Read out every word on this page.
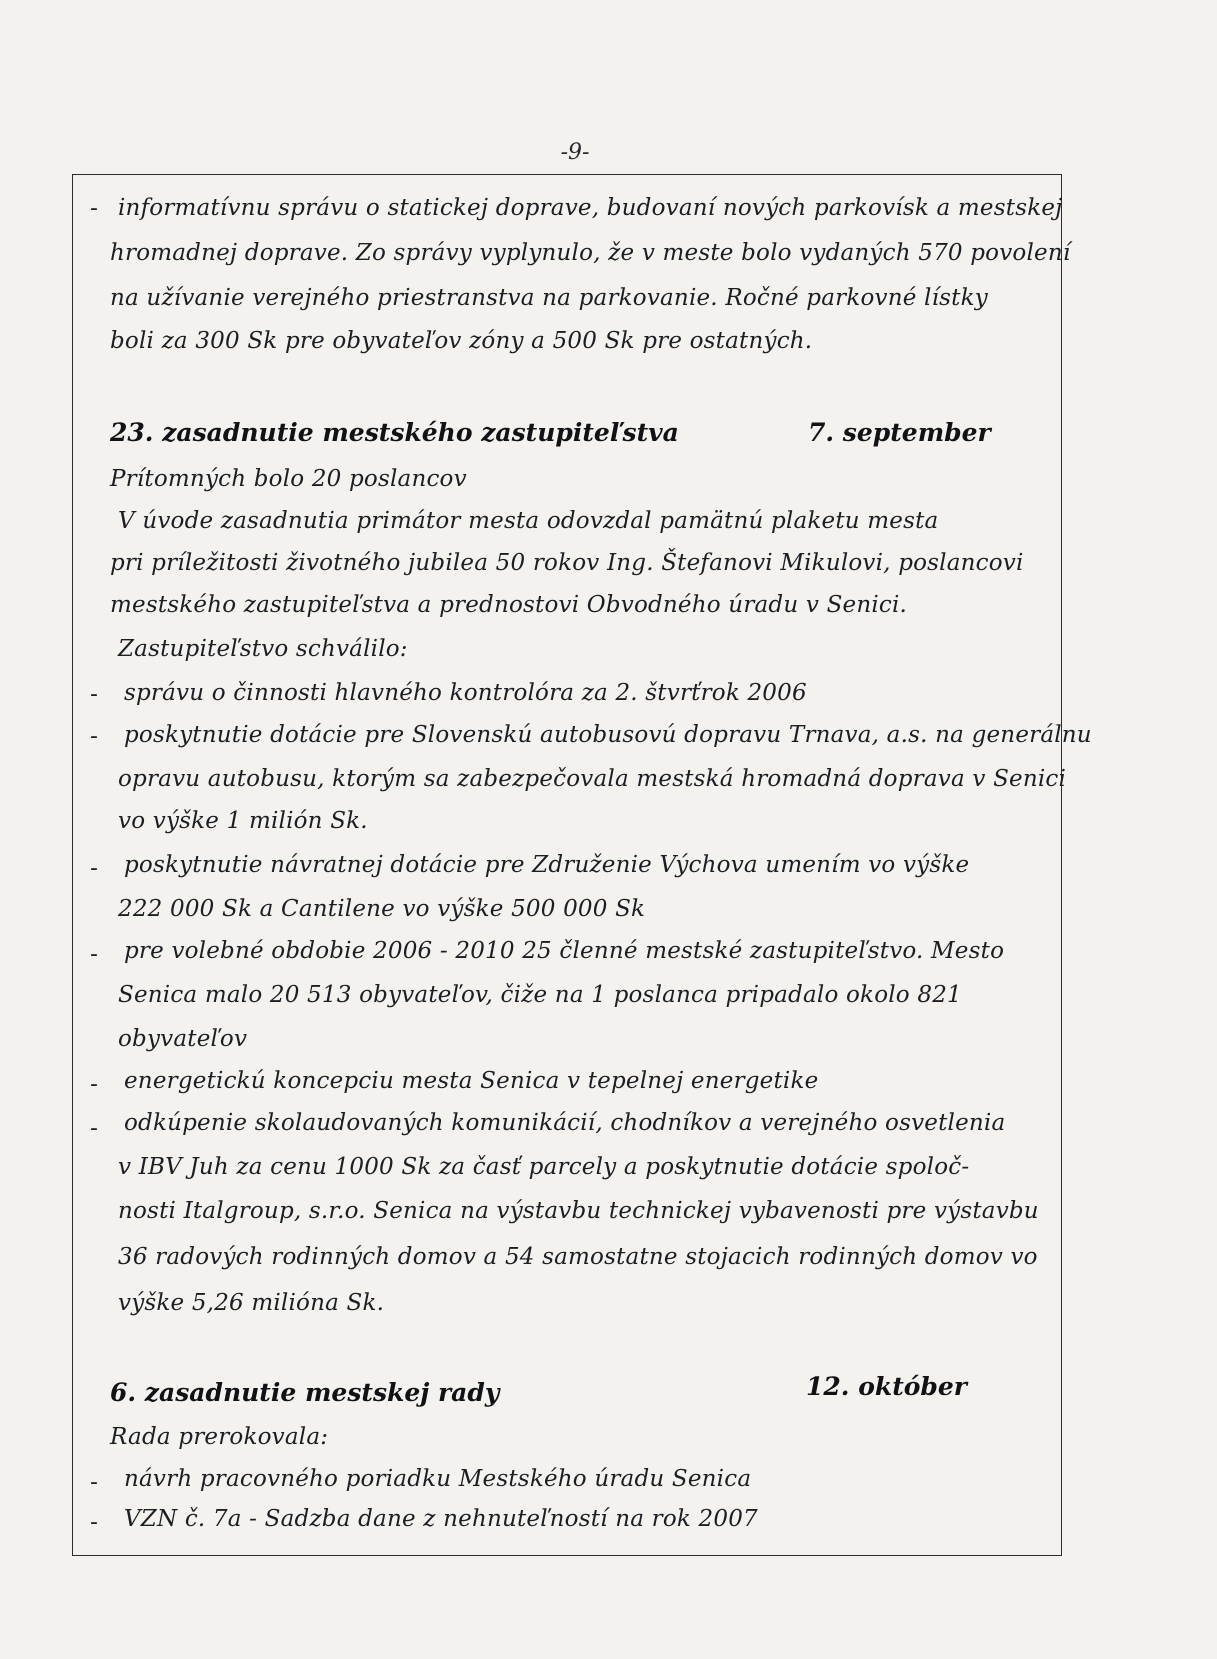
-9-
- informatívnu správu o statickej doprave, budovaní nových parkovísk a mestskej
hromadnej doprave. Zo správy vyplynulo, že v meste bolo vydaných 570 povolení
na užívanie verejného priestranstva na parkovanie. Ročné parkovné lístky
boli za 300 Sk pre obyvateľov zóny a 500 Sk pre ostatných.
23. zasadnutie mestského zastupiteľstva	7. september
Prítomných bolo 20 poslancov
V úvode zasadnutia primátor mesta odovzdal pamätnú plaketu mesta
pri príležitosti životného jubilea 50 rokov Ing. Štefanovi Mikulovi, poslancovi
mestského zastupiteľstva a prednostovi Obvodného úradu v Senici.
Zastupiteľstvo schválilo:
- správu o činnosti hlavného kontrolóra za 2. štvrťrok 2006
- poskytnutie dotácie pre Slovenskú autobusovú dopravu Trnava, a.s. na generálnu
opravu autobusu, ktorým sa zabezpečovala mestská hromadná doprava v Senici
vo výške 1 milión Sk.
- poskytnutie návratnej dotácie pre Združenie Výchova umením vo výške
222 000 Sk a Cantilene vo výške 500 000 Sk
- pre volebné obdobie 2006 - 2010 25 členné mestské zastupiteľstvo. Mesto
Senica malo 20 513 obyvateľov, čiže na 1 poslanca pripadalo okolo 821
obyvateľov
- energetickú koncepciu mesta Senica v tepelnej energetike
- odkúpenie skolaudovaných komunikácií, chodníkov a verejného osvetlenia
v IBV Juh za cenu 1000 Sk za časť parcely a poskytnutie dotácie spoloč-
nosti Italgroup, s.r.o. Senica na výstavbu technickej vybavenosti pre výstavbu
36 radových rodinných domov a 54 samostatne stojacich rodinných domov vo
výške 5,26 milióna Sk.
6. zasadnutie mestskej rady	12. október
Rada prerokovala:
- návrh pracovného poriadku Mestského úradu Senica
- VZN č. 7a - Sadzba dane z nehnuteľností na rok 2007
